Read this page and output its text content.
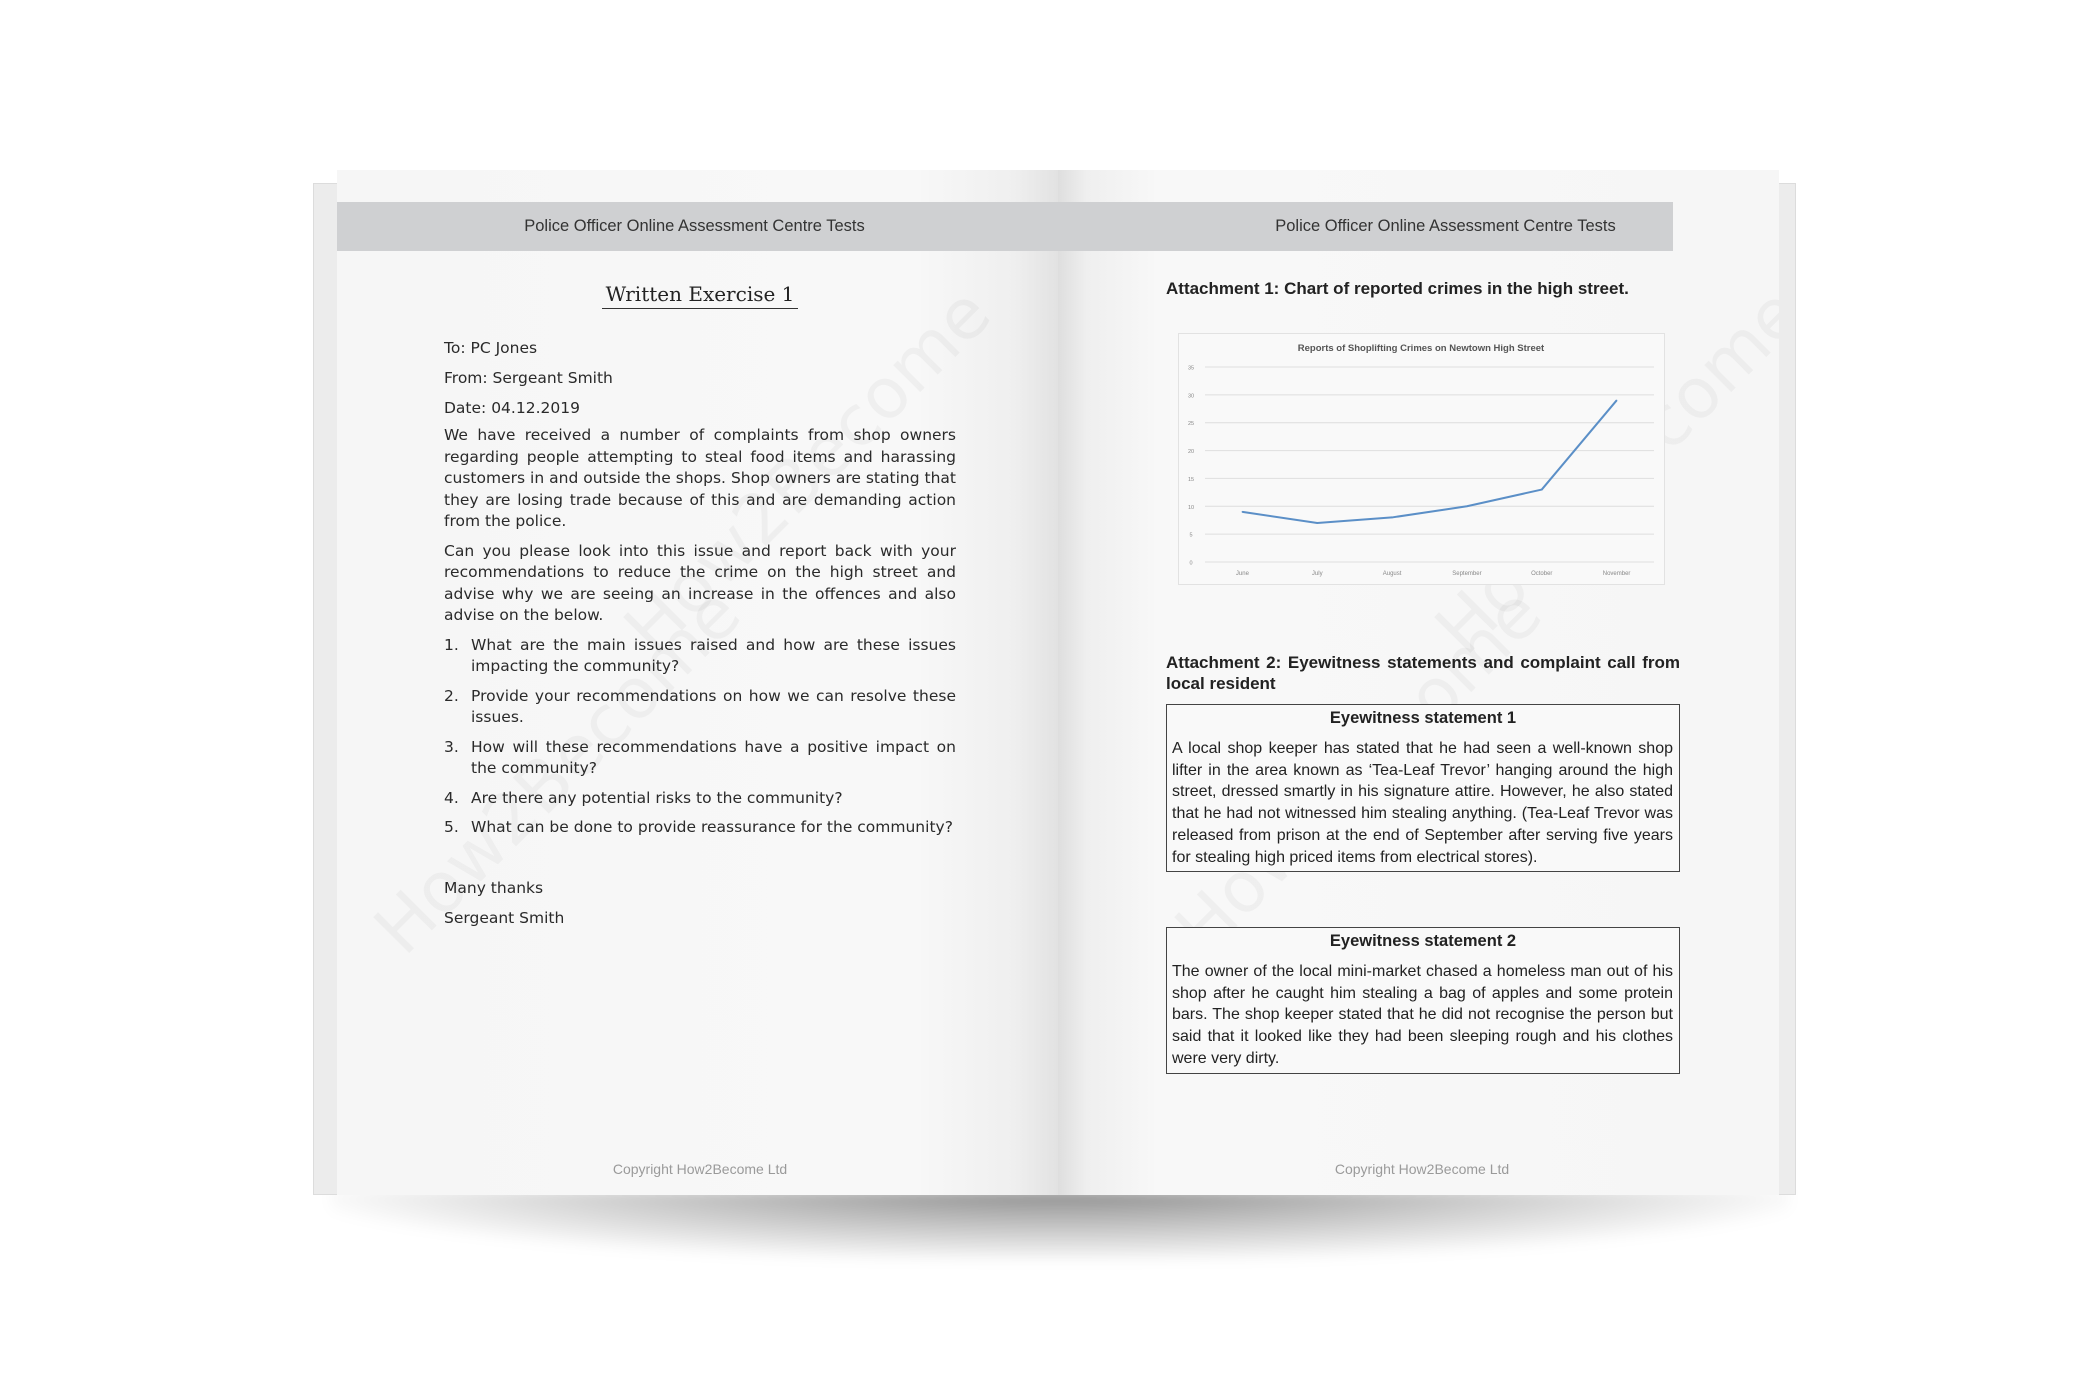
Police Officer Online Assessment Centre Tests
Written Exercise 1
To: PC Jones
From: Sergeant Smith
Date: 04.12.2019

We have received a number of complaints from shop owners regarding people attempting to steal food items and harassing customers in and outside the shops. Shop owners are stating that they are losing trade because of this and are demanding action from the police.

Can you please look into this issue and report back with your recommendations to reduce the crime on the high street and advise why we are seeing an increase in the offences and also advise on the below.

1. What are the main issues raised and how are these issues impacting the community?
2. Provide your recommendations on how we can resolve these issues.
3. How will these recommendations have a positive impact on the community?
4. Are there any potential risks to the community?
5. What can be done to provide reassurance for the community?
Many thanks
Sergeant Smith
Copyright How2Become Ltd
Police Officer Online Assessment Centre Tests
Attachment 1: Chart of reported crimes in the high street.
Reports of Shoplifting Crimes on Newtown High Street
0
5
10
15
20
25
30
35
June	July	August	September	October	November
Attachment 2: Eyewitness statements and complaint call from local resident
Eyewitness statement 1
A local shop keeper has stated that he had seen a well-known shop lifter in the area known as ‘Tea-Leaf Trevor’ hanging around the high street, dressed smartly in his signature attire. However, he also stated that he had not witnessed him stealing anything. (Tea-Leaf Trevor was released from prison at the end of September after serving five years for stealing high priced items from electrical stores).
Eyewitness statement 2
The owner of the local mini-market chased a homeless man out of his shop after he caught him stealing a bag of apples and some protein bars. The shop keeper stated that he did not recognise the person but said that it looked like they had been sleeping rough and his clothes were very dirty.
Copyright How2Become Ltd
